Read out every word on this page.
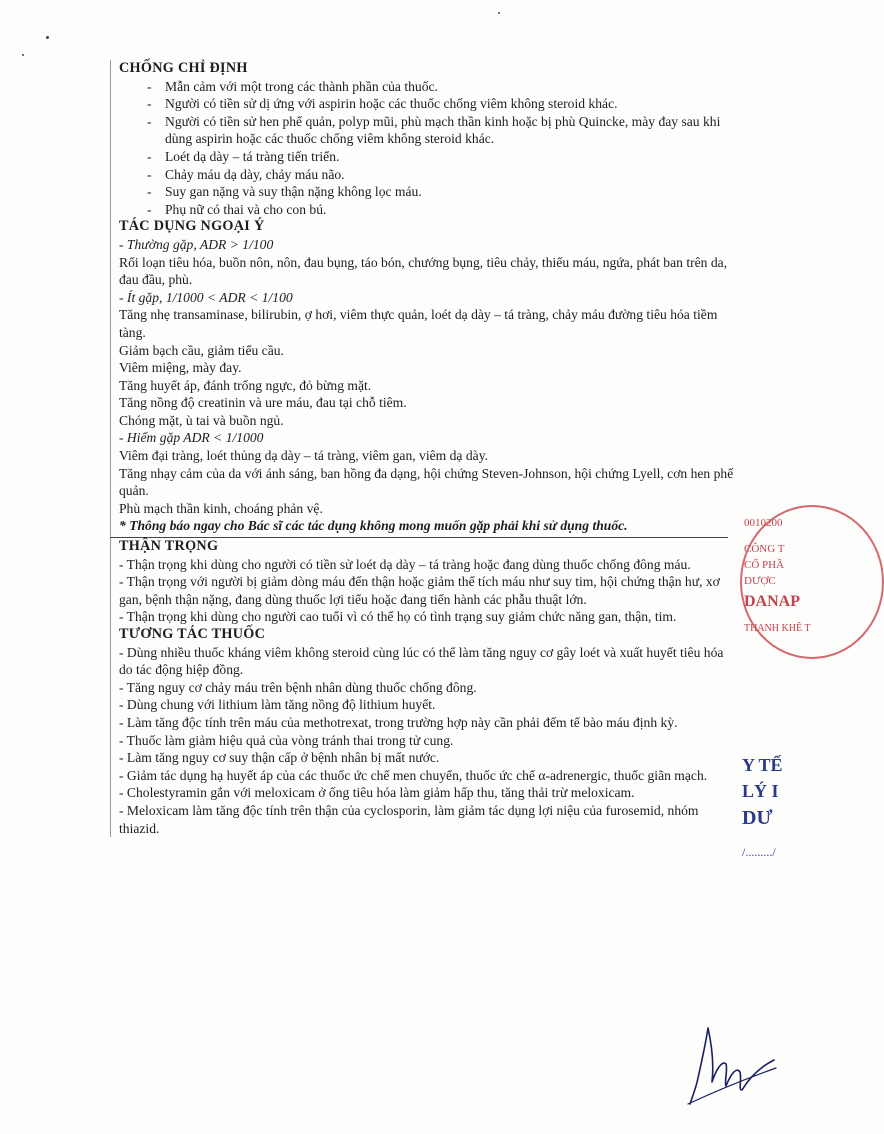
CHỐNG CHỈ ĐỊNH
- Mẫn cảm với một trong các thành phần của thuốc.
- Người có tiền sử dị ứng với aspirin hoặc các thuốc chống viêm không steroid khác.
- Người có tiền sử hen phế quản, polyp mũi, phù mạch thần kinh hoặc bị phù Quincke, mày đay sau khi dùng aspirin hoặc các thuốc chống viêm không steroid khác.
- Loét dạ dày – tá tràng tiến triển.
- Chảy máu dạ dày, chảy máu não.
- Suy gan nặng và suy thận nặng không lọc máu.
- Phụ nữ có thai và cho con bú.
TÁC DỤNG NGOẠI Ý
- Thường gặp, ADR > 1/100

Rối loạn tiêu hóa, buồn nôn, nôn, đau bụng, táo bón, chướng bụng, tiêu chảy, thiếu máu, ngứa, phát ban trên da, đau đầu, phù.

- Ít gặp, 1/1000 < ADR < 1/100

Tăng nhẹ transaminase, bilirubin, ợ hơi, viêm thực quản, loét dạ dày – tá tràng, chảy máu đường tiêu hóa tiềm tàng.

Giảm bạch cầu, giảm tiểu cầu.

Viêm miệng, mày đay.

Tăng huyết áp, đánh trống ngực, đỏ bừng mặt.

Tăng nồng độ creatinin và ure máu, đau tại chỗ tiêm.

Chóng mặt, ù tai và buồn ngủ.

- Hiếm gặp ADR < 1/1000

Viêm đại tràng, loét thủng dạ dày – tá tràng, viêm gan, viêm dạ dày.

Tăng nhạy cảm của da với ánh sáng, ban hồng đa dạng, hội chứng Steven-Johnson, hội chứng Lyell, cơn hen phế quản.

Phù mạch thần kinh, choáng phản vệ.

* Thông báo ngay cho Bác sĩ các tác dụng không mong muốn gặp phải khi sử dụng thuốc.

THẬN TRỌNG

- Thận trọng khi dùng cho người có tiền sử loét dạ dày – tá tràng hoặc đang dùng thuốc chống đông máu.

- Thận trọng với người bị giảm dòng máu đến thận hoặc giảm thể tích máu như suy tim, hội chứng thận hư, xơ gan, bệnh thận nặng, đang dùng thuốc lợi tiểu hoặc đang tiến hành các phẫu thuật lớn.

- Thận trọng khi dùng cho người cao tuổi vì có thể họ có tình trạng suy giảm chức năng gan, thận, tim.

TƯƠNG TÁC THUỐC

- Dùng nhiều thuốc kháng viêm không steroid cùng lúc có thể làm tăng nguy cơ gây loét và xuất huyết tiêu hóa do tác động hiệp đồng.

- Tăng nguy cơ chảy máu trên bệnh nhân dùng thuốc chống đông.

- Dùng chung với lithium làm tăng nồng độ lithium huyết.

- Làm tăng độc tính trên máu của methotrexat, trong trường hợp này cần phải đếm tế bào máu định kỳ.

- Thuốc làm giảm hiệu quả của vòng tránh thai trong tử cung.

- Làm tăng nguy cơ suy thận cấp ở bệnh nhân bị mất nước.

- Giảm tác dụng hạ huyết áp của các thuốc ức chế men chuyển, thuốc ức chế α-adrenergic, thuốc giãn mạch.

- Cholestyramin gắn với meloxicam ở ống tiêu hóa làm giảm hấp thu, tăng thải trừ meloxicam.

- Meloxicam làm tăng độc tính trên thận của cyclosporin, làm giảm tác dụng lợi niệu của furosemid, nhóm thiazid.

0010200
CÔNG T
CỔ PHẦ
DƯỢC
DANAP
THANH KHÊ T
Y TẾ
LÝ I
DƯ
/........./
